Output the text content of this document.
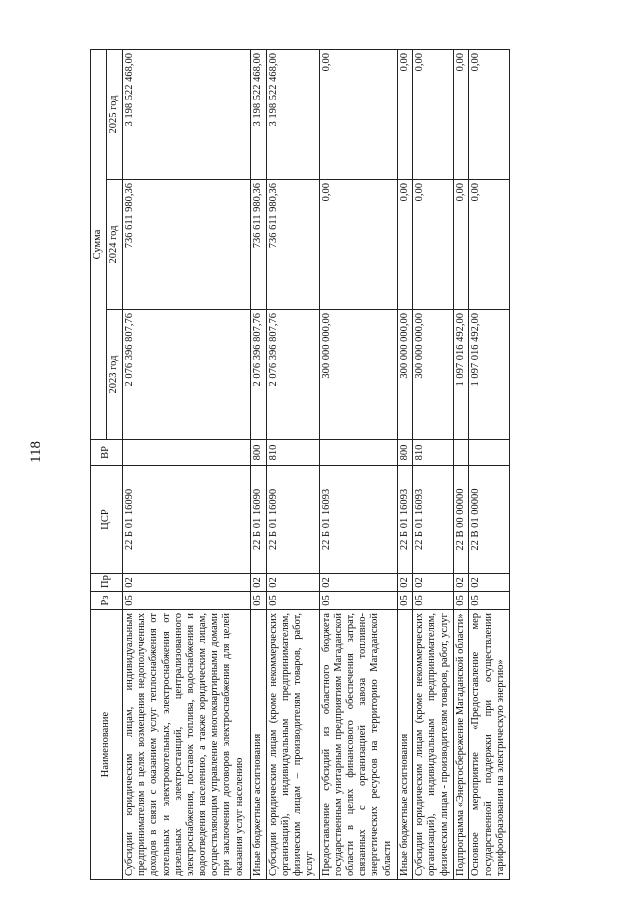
118
Наименование	Рз	Пр	ЦСР	ВР	Сумма		
					2023 год	2024 год	2025 год
Субсидии юридическим лицам, индивидуальным предпринимателям в целях возмещения недополученных доходов в связи с оказанием услуг теплоснабжения от котельных и электрокотельных, электроснабжения от дизельных электростанций, централизованного электроснабжения, поставок топлива, водоснабжения и водоотведения населению, а также юридическим лицам, осуществляющим управление многоквартирными домами при заключении договоров электроснабжения для целей оказания услуг населению	05	02	22 Б 01 16090		2 076 396 807,76	736 611 980,36	3 198 522 468,00
Иные бюджетные ассигнования	05	02	22 Б 01 16090	800	2 076 396 807,76	736 611 980,36	3 198 522 468,00
Субсидии юридическим лицам (кроме некоммерческих организаций), индивидуальным предпринимателям, физическим лицам – производителям товаров, работ, услуг	05	02	22 Б 01 16090	810	2 076 396 807,76	736 611 980,36	3 198 522 468,00
Предоставление субсидий из областного бюджета государственным унитарным предприятиям Магаданской области в целях финансового обеспечения затрат, связанных с организацией завоза топливно-энергетических ресурсов на территорию Магаданской области	05	02	22 Б 01 16093		300 000 000,00	0,00	0,00
Иные бюджетные ассигнования	05	02	22 Б 01 16093	800	300 000 000,00	0,00	0,00
Субсидии юридическим лицам (кроме некоммерческих организаций), индивидуальным предпринимателям, физическим лицам - производителям товаров, работ, услуг	05	02	22 Б 01 16093	810	300 000 000,00	0,00	0,00
Подпрограмма «Энергосбережение Магаданской области»	05	02	22 В 00 00000		1 097 016 492,00	0,00	0,00
Основное мероприятие «Предоставление мер государственной поддержки при осуществлении тарифообразования на электрическую энергию»	05	02	22 В 01 00000		1 097 016 492,00	0,00	0,00
